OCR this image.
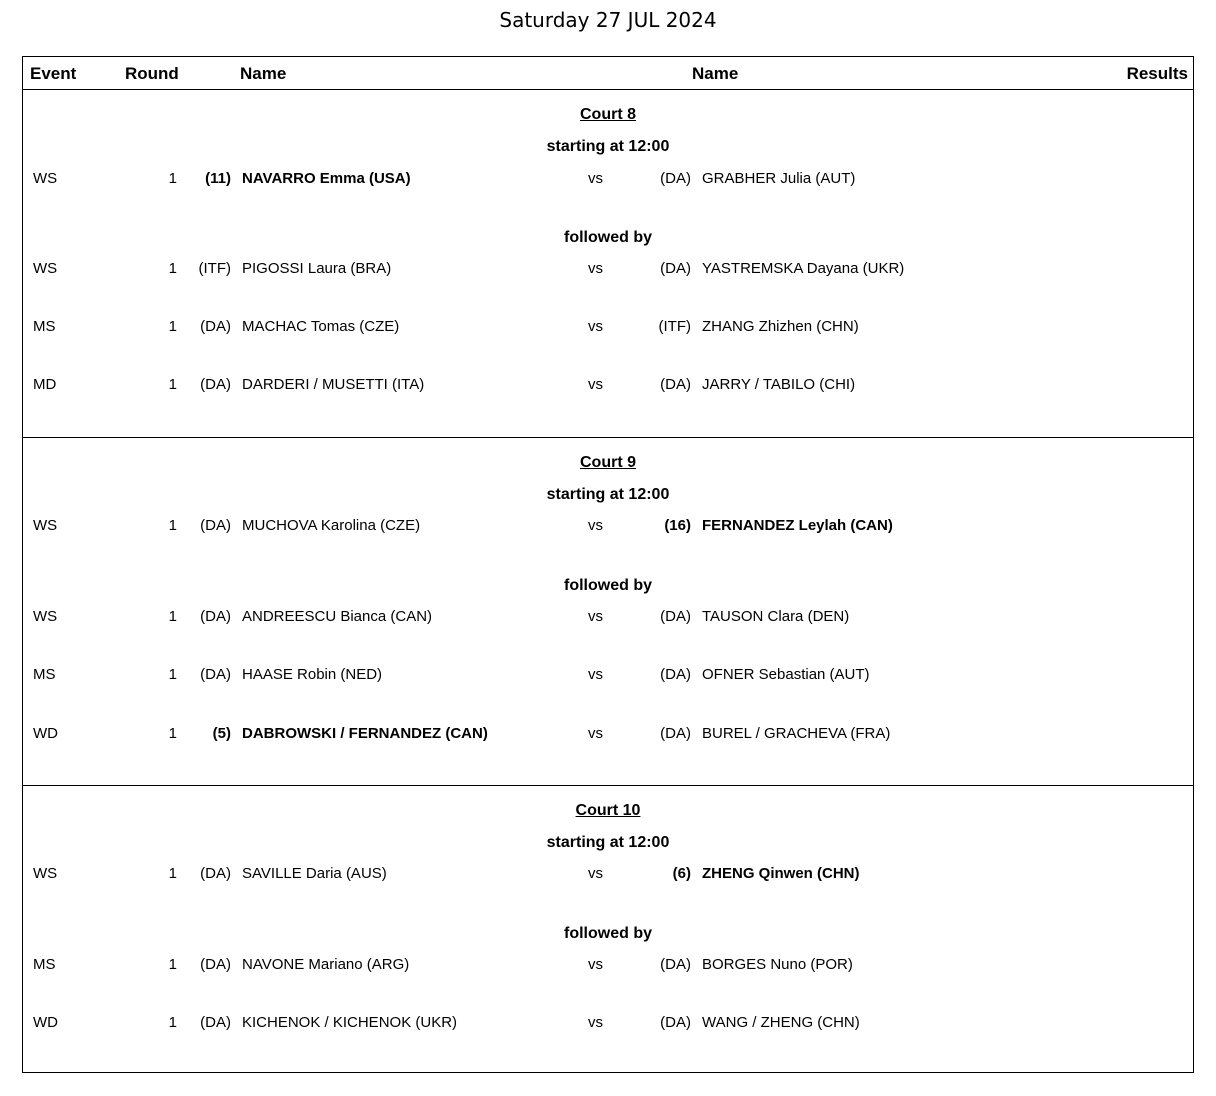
Saturday 27 JUL 2024
Event	Round	Name	Name	Results
Court 8
starting at 12:00
WS	1	(11) NAVARRO Emma (USA)	vs	(DA) GRABHER Julia (AUT)
followed by
WS	1	(ITF) PIGOSSI Laura (BRA)	vs	(DA) YASTREMSKA Dayana (UKR)
MS	1	(DA) MACHAC Tomas (CZE)	vs	(ITF) ZHANG Zhizhen (CHN)
MD	1	(DA) DARDERI / MUSETTI (ITA)	vs	(DA) JARRY / TABILO (CHI)
Court 9
starting at 12:00
WS	1	(DA) MUCHOVA Karolina (CZE)	vs	(16) FERNANDEZ Leylah (CAN)
followed by
WS	1	(DA) ANDREESCU Bianca (CAN)	vs	(DA) TAUSON Clara (DEN)
MS	1	(DA) HAASE Robin (NED)	vs	(DA) OFNER Sebastian (AUT)
WD	1	(5) DABROWSKI / FERNANDEZ (CAN)	vs	(DA) BUREL / GRACHEVA (FRA)
Court 10
starting at 12:00
WS	1	(DA) SAVILLE Daria (AUS)	vs	(6) ZHENG Qinwen (CHN)
followed by
MS	1	(DA) NAVONE Mariano (ARG)	vs	(DA) BORGES Nuno (POR)
WD	1	(DA) KICHENOK / KICHENOK (UKR)	vs	(DA) WANG / ZHENG (CHN)
